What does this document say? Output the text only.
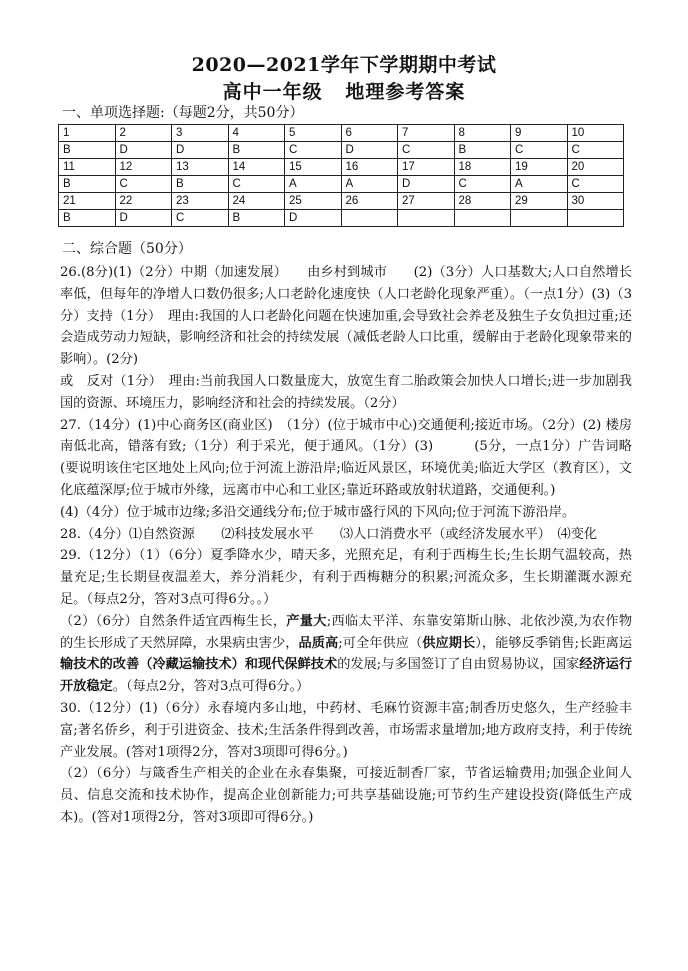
2020—2021学年下学期期中考试
高中一年级   地理参考答案
一、单项选择题:（每题2分，共50分）
1	2	3	4	5	6	7	8	9	10
B	D	D	B	C	D	C	B	C	C
11	12	13	14	15	16	17	18	19	20
B	C	B	C	A	A	D	C	A	C
21	22	23	24	25	26	27	28	29	30
B	D	C	B	D					
二、综合题（50分）

26.(8分)(1)（2分）中期（加速发展）　　由乡村到城市　　(2)（3分）人口基数大;人口自然增长率低，但每年的净增人口数仍很多;人口老龄化速度快（人口老龄化现象严重）。（一点1分）(3)（3分）支持（1分）　理由:我国的人口老龄化问题在快速加重,会导致社会养老及独生子女负担过重;还会造成劳动力短缺，影响经济和社会的持续发展（减低老龄人口比重，缓解由于老龄化现象带来的影响）。(2分)

或　反对（1分）　理由:当前我国人口数量庞大，放宽生育二胎政策会加快人口增长;进一步加剧我国的资源、环境压力，影响经济和社会的持续发展。（2分）

27.（14分）(1)中心商务区(商业区)　（1分）(位于城市中心)交通便利;接近市场。（2分）(2) 楼房南低北高，错落有致;（1分）利于采光，便于通风。（1分）(3)　　　(5分，一点1分）广告词略(要说明该住宅区地处上风向;位于河流上游沿岸;临近风景区，环境优美;临近大学区（教育区），文化底蕴深厚;位于城市外缘，远离市中心和工业区;靠近环路或放射状道路，交通便利。)

(4)（4分）位于城市边缘;多沿交通线分布;位于城市盛行风的下风向;位于河流下游沿岸。

28.（4分）⑴自然资源　　⑵科技发展水平　　⑶人口消费水平（或经济发展水平）　⑷变化

29.（12分）（1）（6分）夏季降水少，晴天多，光照充足，有利于西梅生长;生长期气温较高，热量充足;生长期昼夜温差大，养分消耗少，有利于西梅糖分的积累;河流众多，生长期灌溉水源充足。（每点2分，答对3点可得6分。。）

（2）（6分）自然条件适宜西梅生长，产量大;西临太平洋、东靠安第斯山脉、北依沙漠,为农作物的生长形成了天然屏障，水果病虫害少，品质高;可全年供应（供应期长），能够反季销售;长距离运输技术的改善（冷藏运输技术）和现代保鲜技术的发展;与多国签订了自由贸易协议，国家经济运行开放稳定。（每点2分，答对3点可得6分。）

30.（12分）(1)（6分）永春境内多山地，中药材、毛麻竹资源丰富;制香历史悠久，生产经验丰富;著名侨乡，利于引进资金、技术;生活条件得到改善，市场需求量增加;地方政府支持，利于传统产业发展。(答对1项得2分，答对3项即可得6分。)

（2）（6分）与箴香生产相关的企业在永春集聚，可接近制香厂家，节省运输费用;加强企业间人员、信息交流和技术协作，提高企业创新能力;可共享基础设施;可节约生产建设投资(降低生产成本)。(答对1项得2分，答对3项即可得6分。)
